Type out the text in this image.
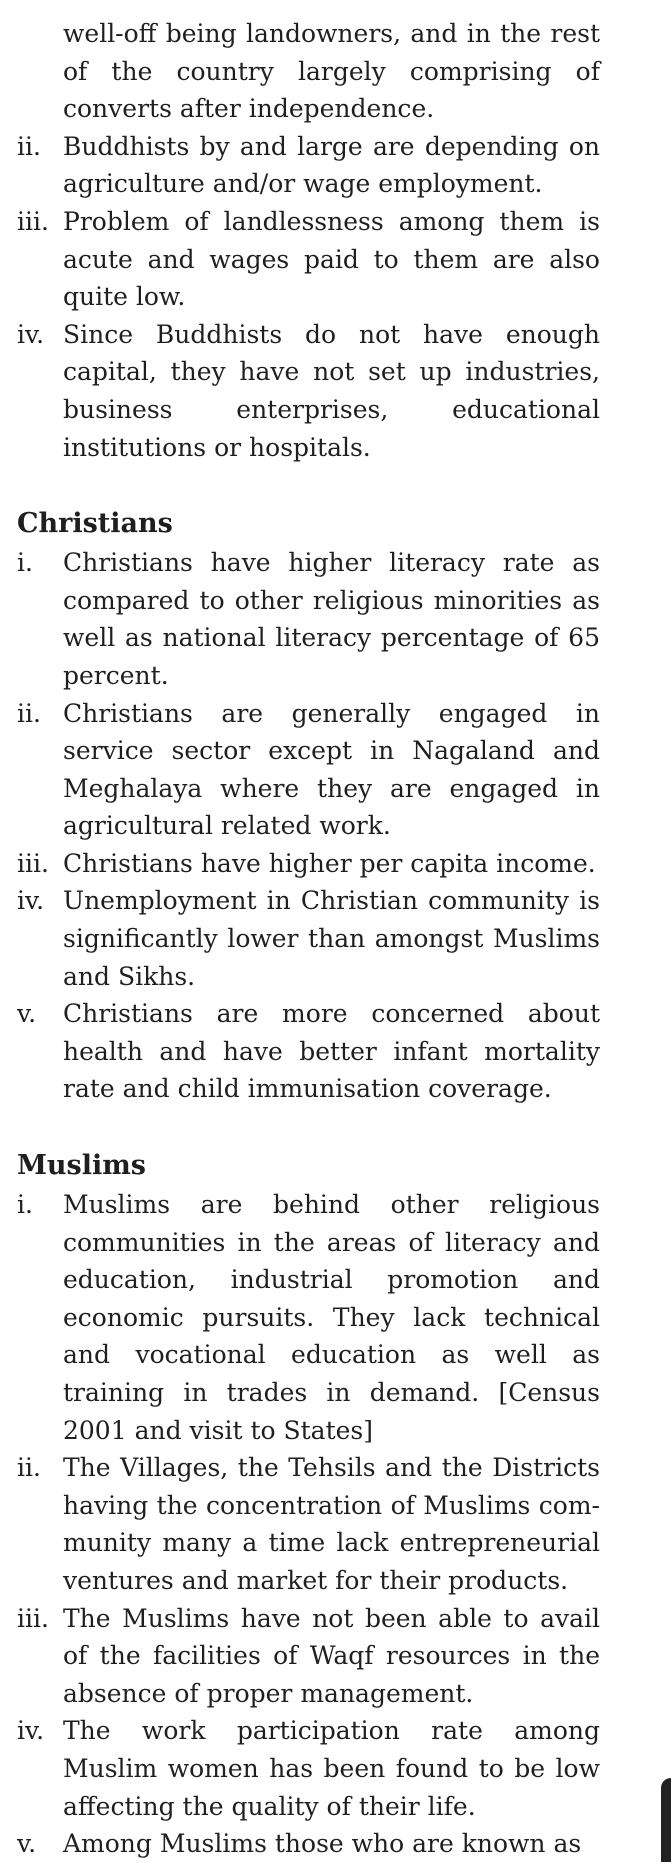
well-off being landowners, and in the rest of the country largely comprising of converts after independence.
ii. Buddhists by and large are depending on agriculture and/or wage employment.
iii. Problem of landlessness among them is acute and wages paid to them are also quite low.
iv. Since Buddhists do not have enough capital, they have not set up industries, business enterprises, educational institutions or hospitals.
Christians
i. Christians have higher literacy rate as compared to other religious minorities as well as national literacy percentage of 65 percent.
ii. Christians are generally engaged in service sector except in Nagaland and Meghalaya where they are engaged in agricultural related work.
iii. Christians have higher per capita income.
iv. Unemployment in Christian community is significantly lower than amongst Muslims and Sikhs.
v. Christians are more concerned about health and have better infant mortality rate and child immunisation coverage.
Muslims
i. Muslims are behind other religious communities in the areas of literacy and education, industrial promotion and economic pursuits. They lack technical and vocational education as well as training in trades in demand. [Census 2001 and visit to States]
ii. The Villages, the Tehsils and the Districts having the concentration of Muslims com-munity many a time lack entrepreneurial ventures and market for their products.
iii. The Muslims have not been able to avail of the facilities of Waqf resources in the absence of proper management.
iv. The work participation rate among Muslim women has been found to be low affecting the quality of their life.
v. Among Muslims those who are known as
